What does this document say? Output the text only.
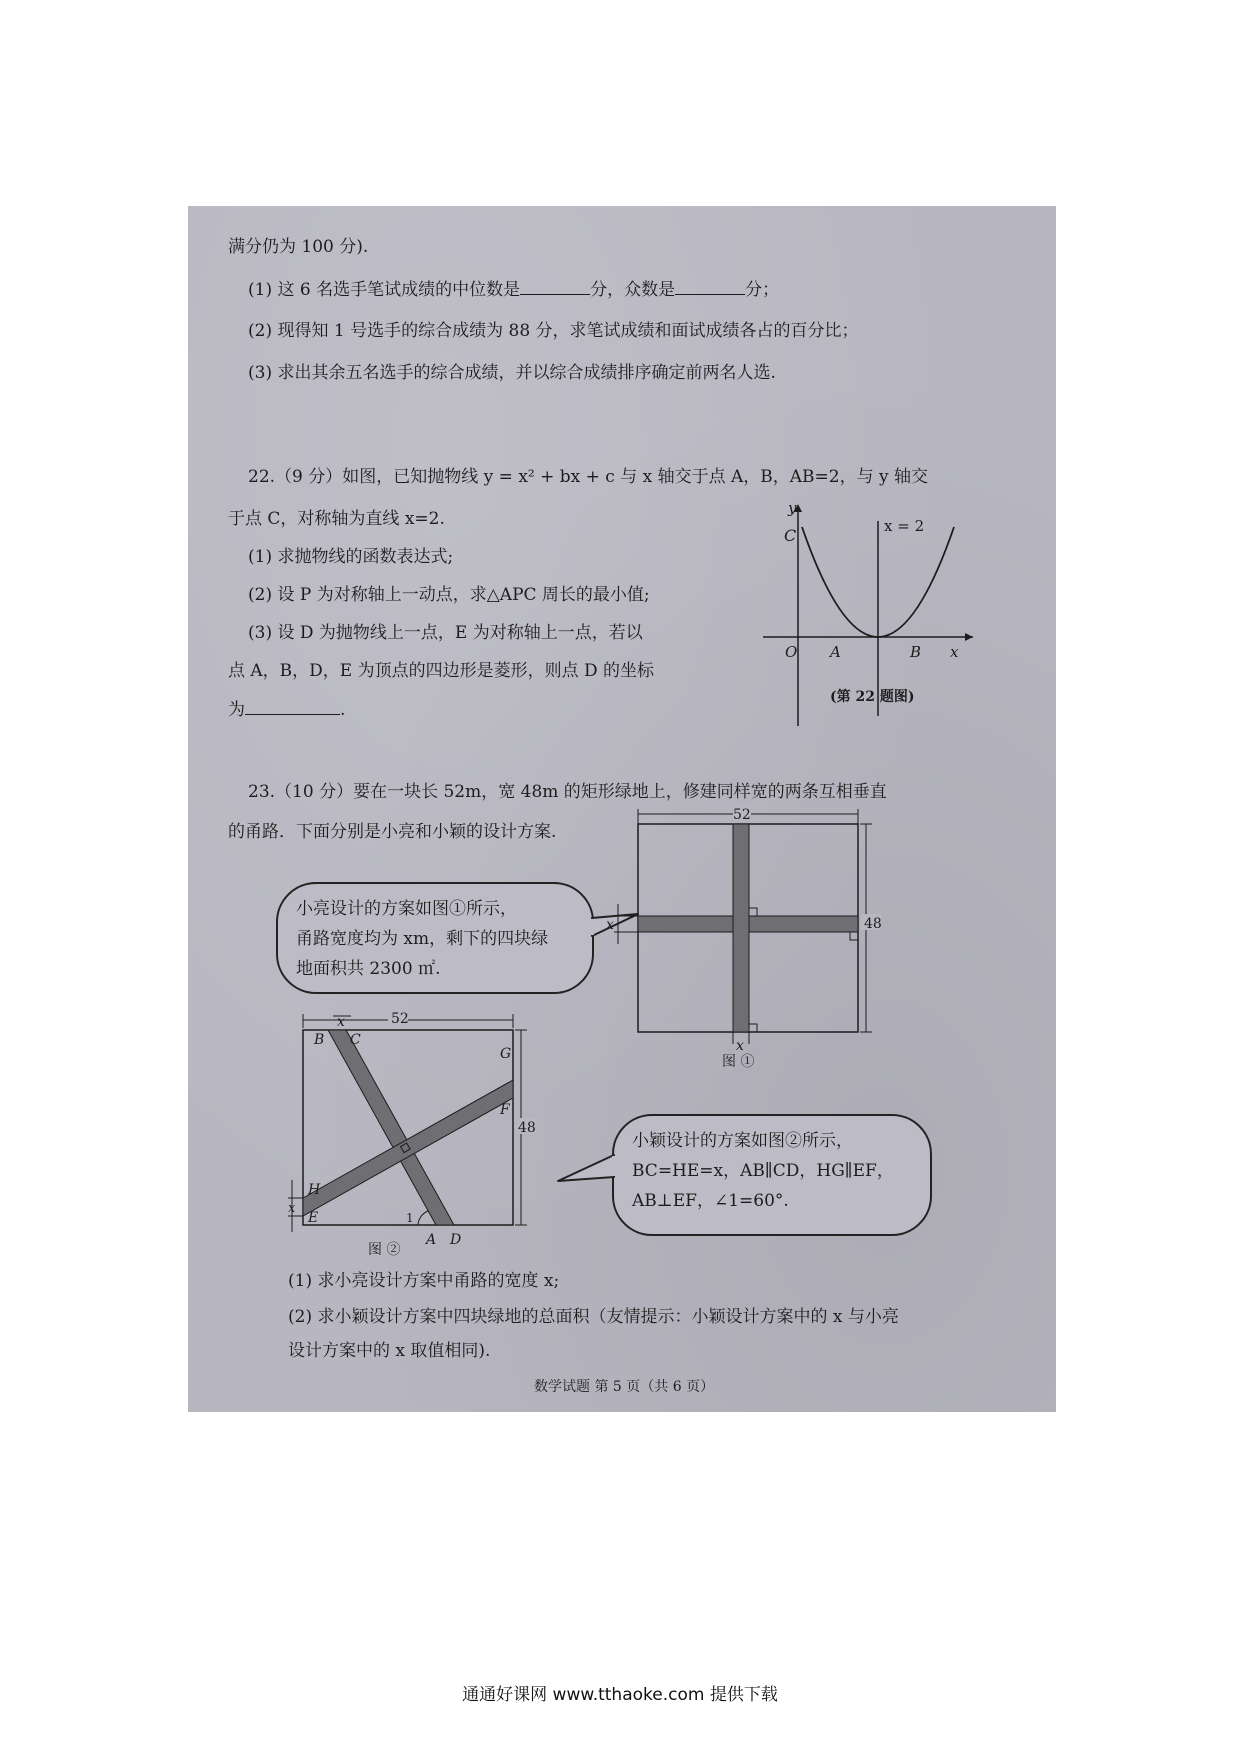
满分仍为 100 分).
(1) 这 6 名选手笔试成绩的中位数是	分，众数是	分；
(2) 现得知 1 号选手的综合成绩为 88 分，求笔试成绩和面试成绩各占的百分比；
(3) 求出其余五名选手的综合成绩，并以综合成绩排序确定前两名人选.
22.（9 分）如图，已知抛物线 y = x² + bx + c 与 x 轴交于点 A，B，AB=2，与 y 轴交
于点 C，对称轴为直线 x=2.
(1) 求抛物线的函数表达式;
(2) 设 P 为对称轴上一动点，求△APC 周长的最小值;
(3) 设 D 为抛物线上一点，E 为对称轴上一点，若以
点 A，B，D，E 为顶点的四边形是菱形，则点 D 的坐标
为	.
y
C	x = 2
O A	B x
(第 22 题图)
23.（10 分）要在一块长 52m，宽 48m 的矩形绿地上，修建同样宽的两条互相垂直
的甬路．下面分别是小亮和小颖的设计方案.
小亮设计的方案如图①所示，
甬路宽度均为 xm，剩下的四块绿
地面积共 2300 ㎡.
52
48
x
x
图 ①
x	52
1
B C
G
F
H
E
A D
48
x
图 ②
小颖设计的方案如图②所示，
BC=HE=x，AB∥CD，HG∥EF，
AB⊥EF，∠1=60°.
(1) 求小亮设计方案中甬路的宽度 x;
(2) 求小颖设计方案中四块绿地的总面积（友情提示：小颖设计方案中的 x 与小亮
设计方案中的 x 取值相同).
数学试题 第 5 页（共 6 页）
通通好课网 www.tthaoke.com 提供下载
